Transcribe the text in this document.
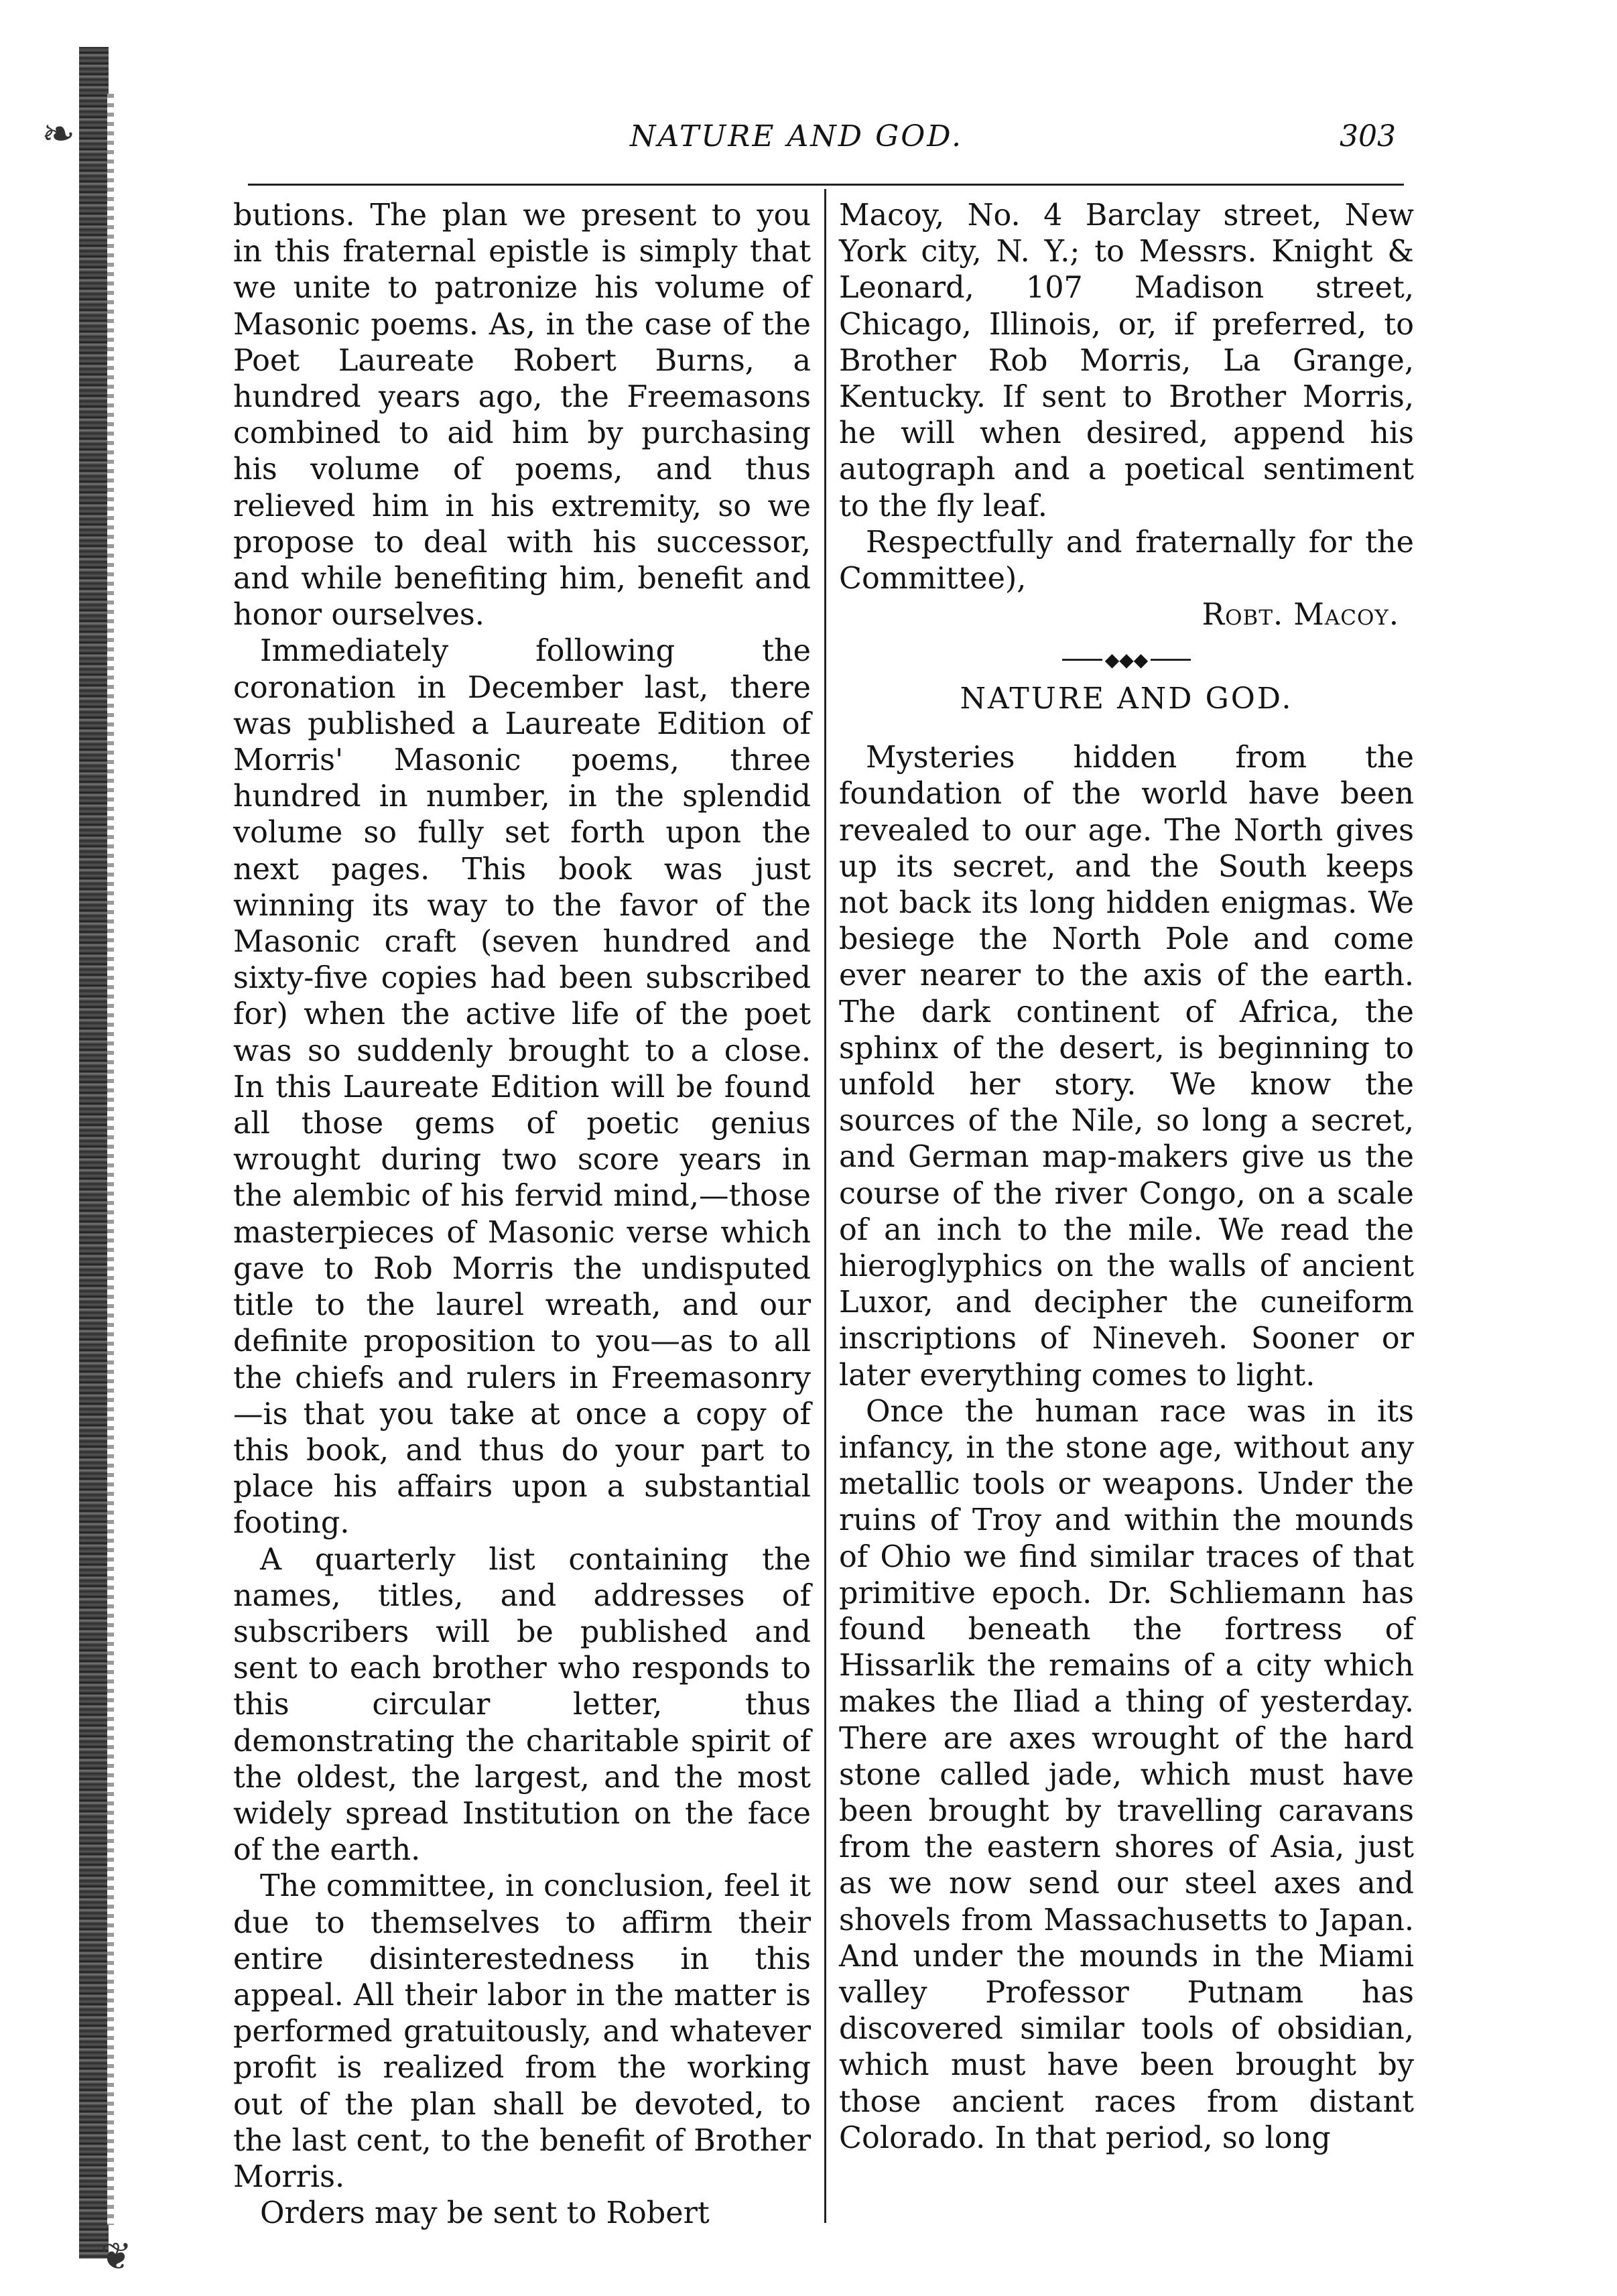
❧
❦
NATURE AND GOD.	303

butions. The plan we present to you in this fraternal epistle is simply that we unite to patronize his volume of Masonic poems. As, in the case of the Poet Laureate Robert Burns, a hundred years ago, the Freemasons combined to aid him by purchasing his volume of poems, and thus relieved him in his extremity, so we propose to deal with his successor, and while benefiting him, benefit and honor ourselves.

Immediately following the coronation in December last, there was published a Laureate Edition of Morris' Masonic poems, three hundred in number, in the splendid volume so fully set forth upon the next pages. This book was just winning its way to the favor of the Masonic craft (seven hundred and sixty-five copies had been subscribed for) when the active life of the poet was so suddenly brought to a close. In this Laureate Edition will be found all those gems of poetic genius wrought during two score years in the alembic of his fervid mind,—those masterpieces of Masonic verse which gave to Rob Morris the undisputed title to the laurel wreath, and our definite proposition to you—as to all the chiefs and rulers in Freemasonry—is that you take at once a copy of this book, and thus do your part to place his affairs upon a substantial footing.

A quarterly list containing the names, titles, and addresses of subscribers will be published and sent to each brother who responds to this circular letter, thus demonstrating the charitable spirit of the oldest, the largest, and the most widely spread Institution on the face of the earth.

The committee, in conclusion, feel it due to themselves to affirm their entire disinterestedness in this appeal. All their labor in the matter is performed gratuitously, and whatever profit is realized from the working out of the plan shall be devoted, to the last cent, to the benefit of Brother Morris.

Orders may be sent to Robert

Macoy, No. 4 Barclay street, New York city, N. Y.; to Messrs. Knight & Leonard, 107 Madison street, Chicago, Illinois, or, if preferred, to Brother Rob Morris, La Grange, Kentucky. If sent to Brother Morris, he will when desired, append his autograph and a poetical sentiment to the fly leaf.

Respectfully and fraternally for the Committee),

Robt. Macoy.

◆◆◆

NATURE AND GOD.

Mysteries hidden from the foundation of the world have been revealed to our age. The North gives up its secret, and the South keeps not back its long hidden enigmas. We besiege the North Pole and come ever nearer to the axis of the earth. The dark continent of Africa, the sphinx of the desert, is beginning to unfold her story. We know the sources of the Nile, so long a secret, and German map-makers give us the course of the river Congo, on a scale of an inch to the mile. We read the hieroglyphics on the walls of ancient Luxor, and decipher the cuneiform inscriptions of Nineveh. Sooner or later everything comes to light.

Once the human race was in its infancy, in the stone age, without any metallic tools or weapons. Under the ruins of Troy and within the mounds of Ohio we find similar traces of that primitive epoch. Dr. Schliemann has found beneath the fortress of Hissarlik the remains of a city which makes the Iliad a thing of yesterday. There are axes wrought of the hard stone called jade, which must have been brought by travelling caravans from the eastern shores of Asia, just as we now send our steel axes and shovels from Massachusetts to Japan. And under the mounds in the Miami valley Professor Putnam has discovered similar tools of obsidian, which must have been brought by those ancient races from distant Colorado. In that period, so long
